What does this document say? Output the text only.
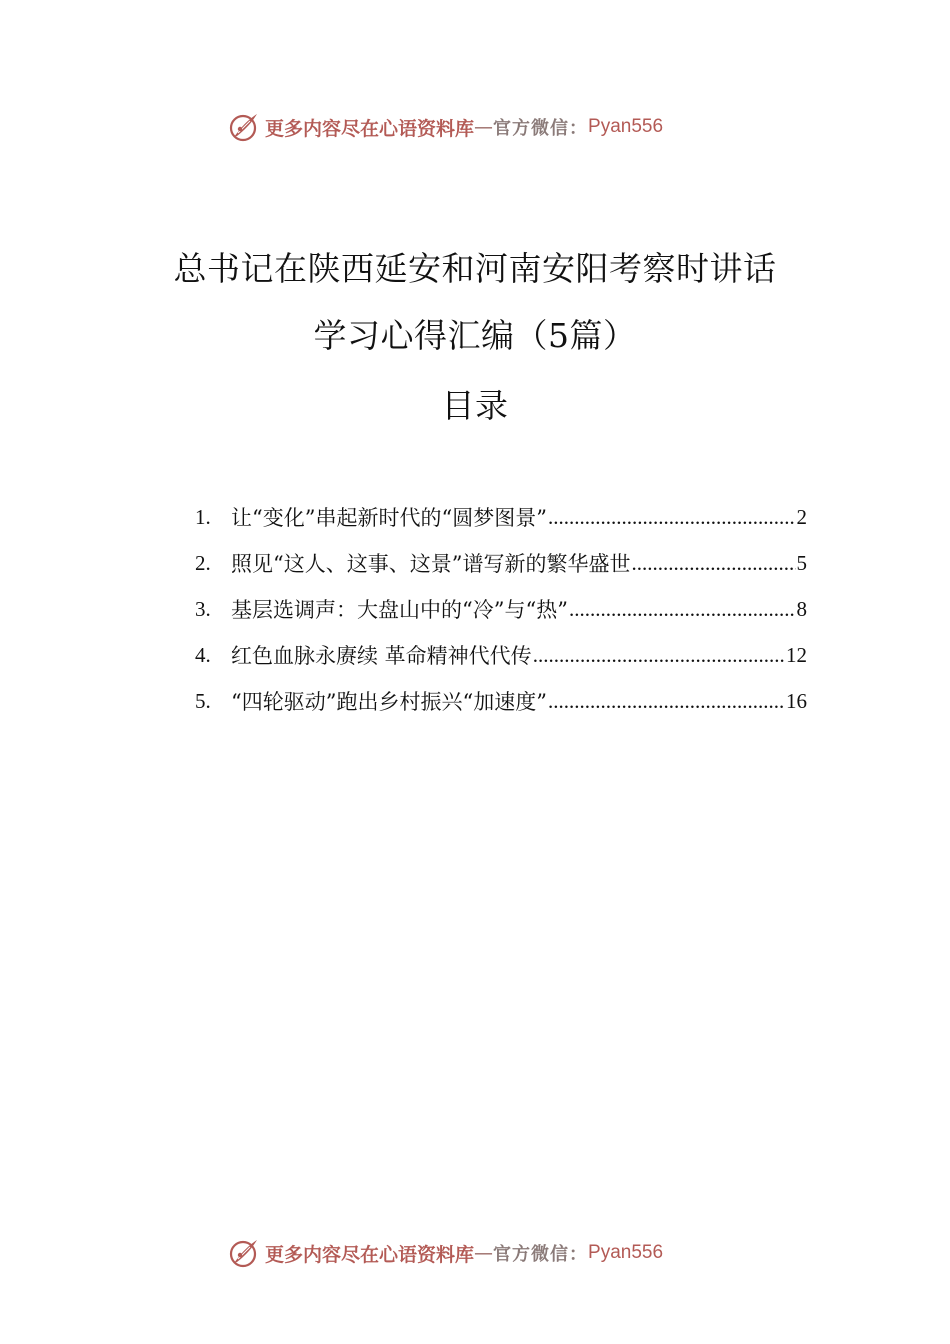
更多内容尽在心语资料库 — 官方微信： Pyan556
总书记在陕西延安和河南安阳考察时讲话
学习心得汇编（5篇）
目录
1. 让“变化”串起新时代的“圆梦图景” .....	2
2. 照见“这人、这事、这景”谱写新的繁华盛世 .....	5
3. 基层选调声：大盘山中的“冷”与“热” .....	8
4. 红色血脉永赓续 革命精神代代传 .....	12
5. “四轮驱动”跑出乡村振兴“加速度” .....	16
更多内容尽在心语资料库 — 官方微信： Pyan556
